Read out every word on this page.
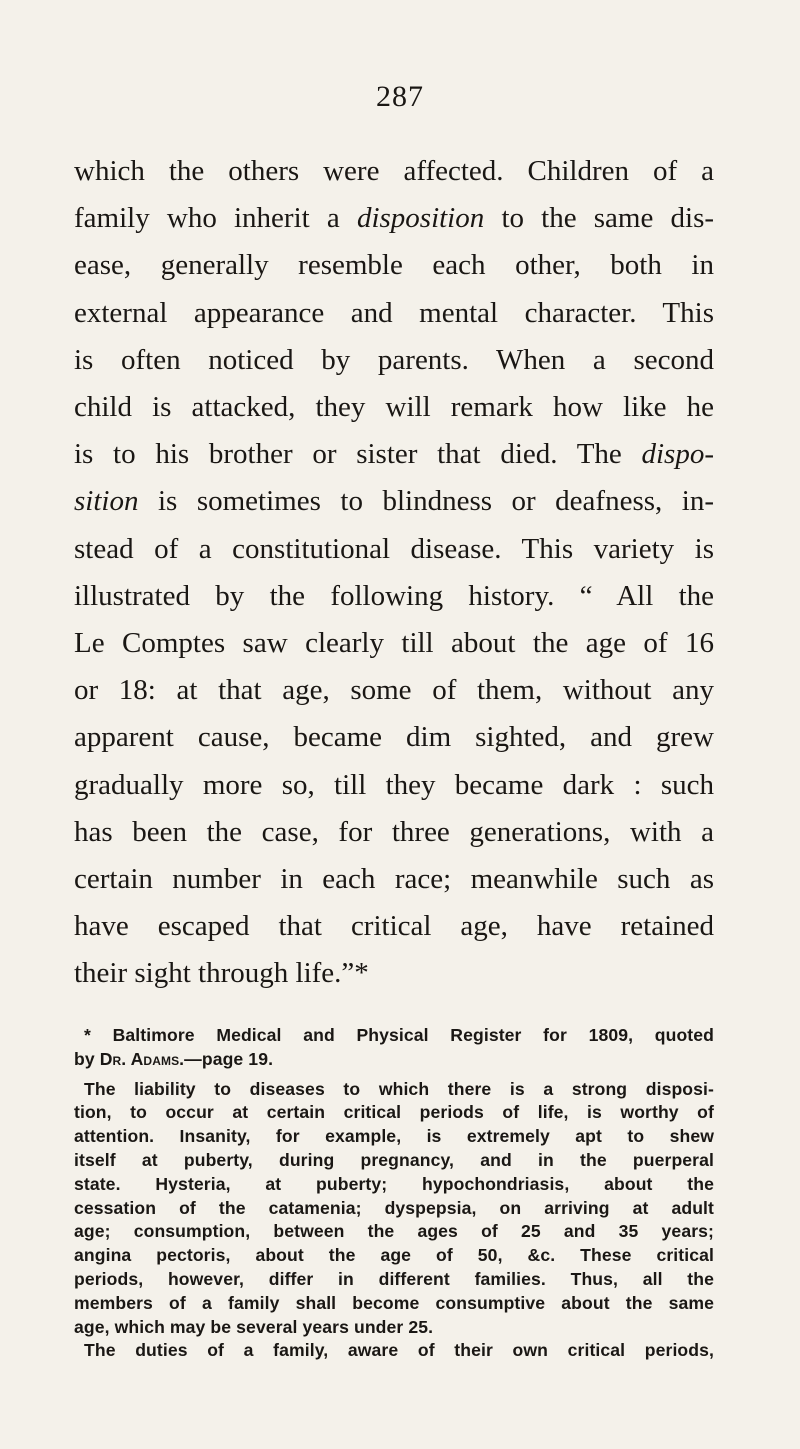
287
which the others were affected. Children of a
family who inherit a disposition to the same dis-
ease, generally resemble each other, both in
external appearance and mental character. This
is often noticed by parents. When a second
child is attacked, they will remark how like he
is to his brother or sister that died. The dispo-
sition is sometimes to blindness or deafness, in-
stead of a constitutional disease. This variety is
illustrated by the following history. “ All the
Le Comptes saw clearly till about the age of 16
or 18: at that age, some of them, without any
apparent cause, became dim sighted, and grew
gradually more so, till they became dark : such
has been the case, for three generations, with a
certain number in each race; meanwhile such as
have escaped that critical age, have retained
their sight through life.”*
* Baltimore Medical and Physical Register for 1809, quoted
by Dr. Adams.—page 19.
The liability to diseases to which there is a strong disposi-
tion, to occur at certain critical periods of life, is worthy of
attention. Insanity, for example, is extremely apt to shew
itself at puberty, during pregnancy, and in the puerperal
state. Hysteria, at puberty; hypochondriasis, about the
cessation of the catamenia; dyspepsia, on arriving at adult
age; consumption, between the ages of 25 and 35 years;
angina pectoris, about the age of 50, &c. These critical
periods, however, differ in different families. Thus, all the
members of a family shall become consumptive about the same
age, which may be several years under 25.
The duties of a family, aware of their own critical periods,
